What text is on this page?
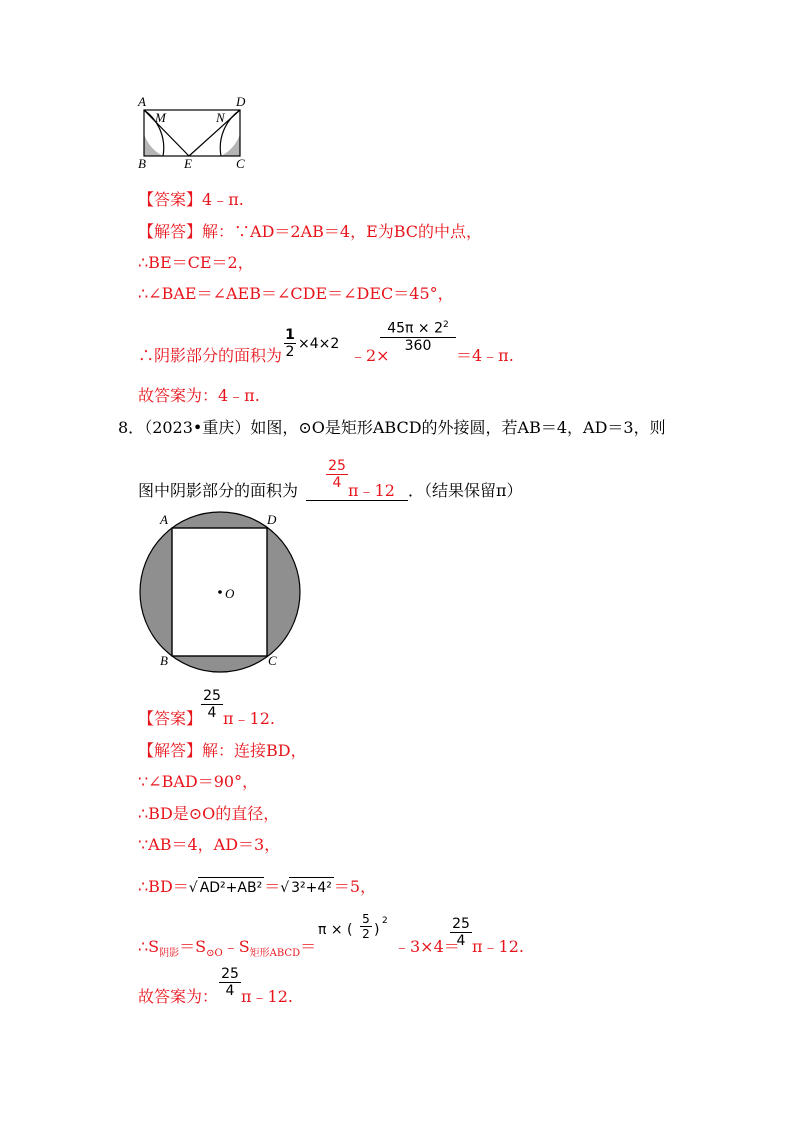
A	D
M	N
B	E	C
【答案】4﹣π.
【解答】解：∵AD＝2AB＝4，E为BC的中点，
∴BE＝CE＝2，
∴∠BAE＝∠AEB＝∠CDE＝∠DEC＝45°，
∴阴影部分的面积为 $\frac{1}{2} \times 4\times 2$
﹣2×
$\frac{45\pi \times 2^2}{360}$
＝4﹣π.
故答案为：4﹣π.
8．（2023•重庆）如图，⊙O是矩形ABCD的外接圆，若AB＝4，AD＝3，则
图中阴影部分的面积为 $\frac{25}{4}$ π﹣12 ．（结果保留π）
A	D
O
B	C
【答案】
$\frac{25}{4}$ π﹣12.
【解答】解：连接BD，
∵∠BAD＝90°，
∴BD是⊙O的直径，
∵AB＝4，AD＝3，
∴BD＝√ AD²+AB² ＝√ 3²+4² ＝5，
$\therefore S_{阴影}=S_{⊙O}﹣S_{矩形ABCD}=$
π × ( $\frac{5}{2}$ )
2
﹣3×4＝
$\frac{25}{4}$ π﹣12.
故答案为： $\frac{25}{4}$ π﹣12.
